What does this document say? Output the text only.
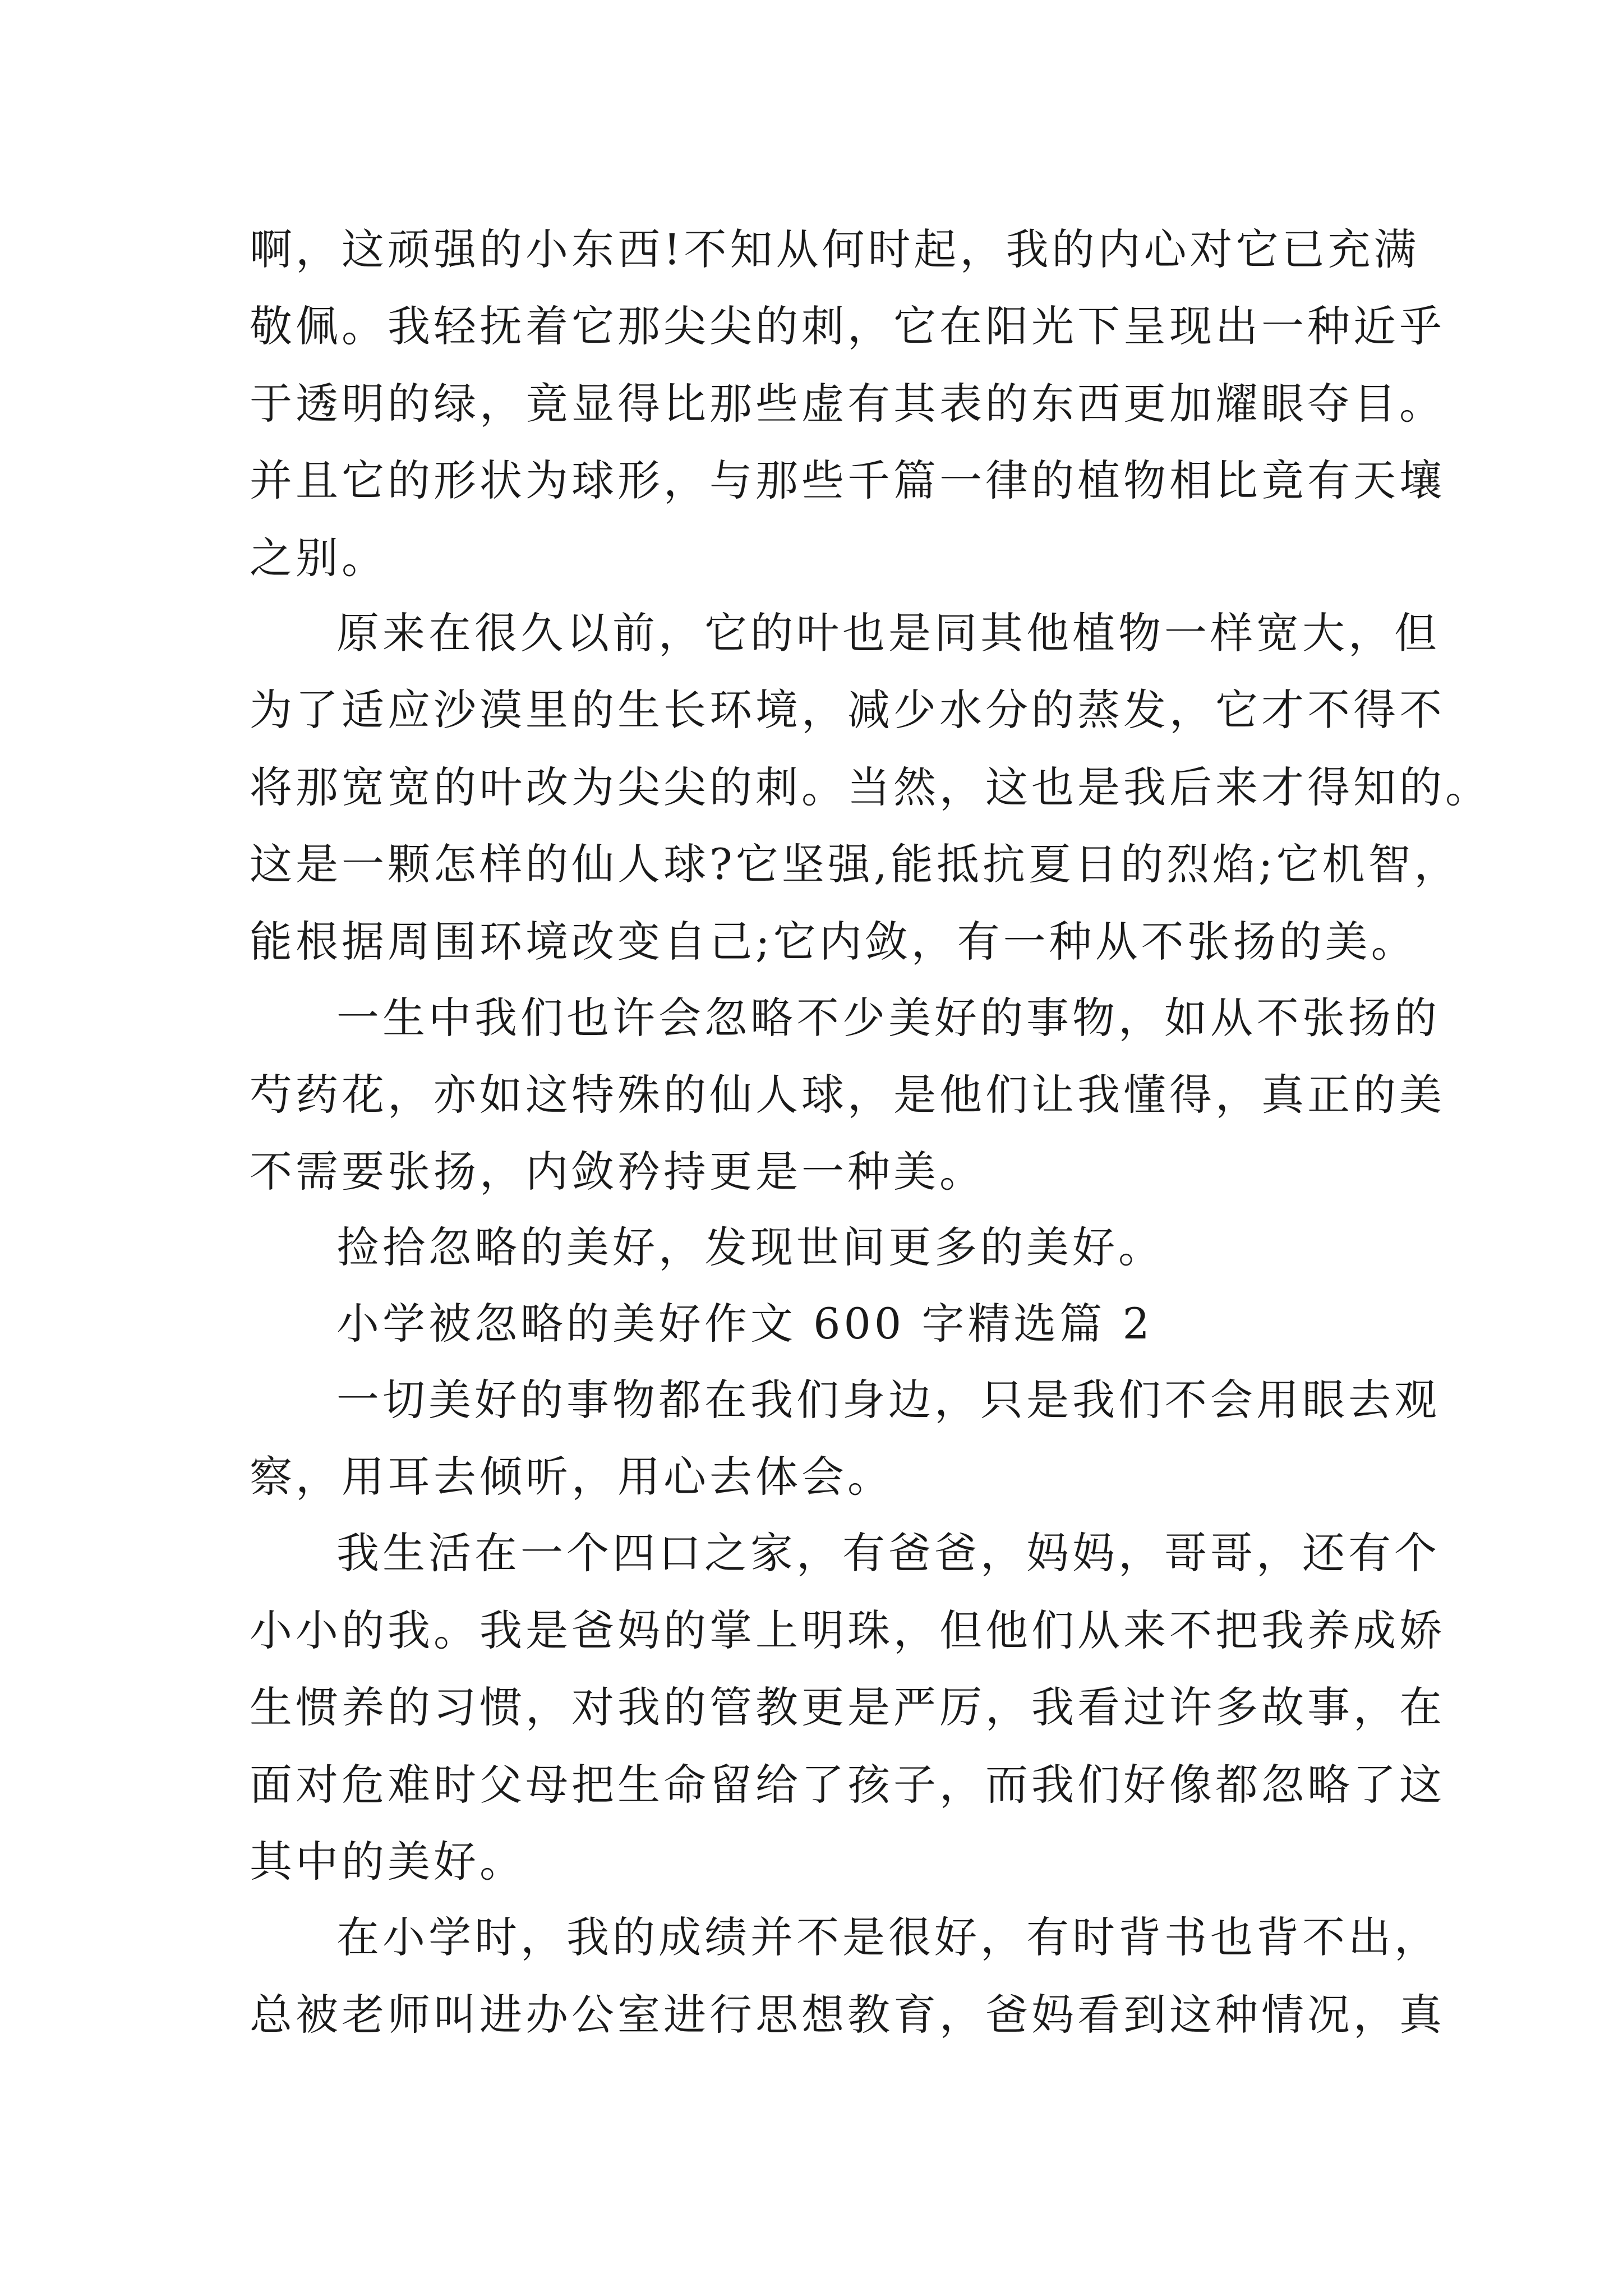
啊，这顽强的小东西!不知从何时起，我的内心对它已充满
敬佩。我轻抚着它那尖尖的刺，它在阳光下呈现出一种近乎
于透明的绿，竟显得比那些虚有其表的东西更加耀眼夺目。
并且它的形状为球形，与那些千篇一律的植物相比竟有天壤
之别。
原来在很久以前，它的叶也是同其他植物一样宽大，但
为了适应沙漠里的生长环境，减少水分的蒸发，它才不得不
将那宽宽的叶改为尖尖的刺。当然，这也是我后来才得知的。
这是一颗怎样的仙人球?它坚强,能抵抗夏日的烈焰;它机智，
能根据周围环境改变自己;它内敛，有一种从不张扬的美。
一生中我们也许会忽略不少美好的事物，如从不张扬的
芍药花，亦如这特殊的仙人球，是他们让我懂得，真正的美
不需要张扬，内敛矜持更是一种美。
捡拾忽略的美好，发现世间更多的美好。
小学被忽略的美好作文 600 字精选篇 2
一切美好的事物都在我们身边，只是我们不会用眼去观
察，用耳去倾听，用心去体会。
我生活在一个四口之家，有爸爸，妈妈，哥哥，还有个
小小的我。我是爸妈的掌上明珠，但他们从来不把我养成娇
生惯养的习惯，对我的管教更是严厉，我看过许多故事，在
面对危难时父母把生命留给了孩子，而我们好像都忽略了这
其中的美好。
在小学时，我的成绩并不是很好，有时背书也背不出，
总被老师叫进办公室进行思想教育，爸妈看到这种情况，真
